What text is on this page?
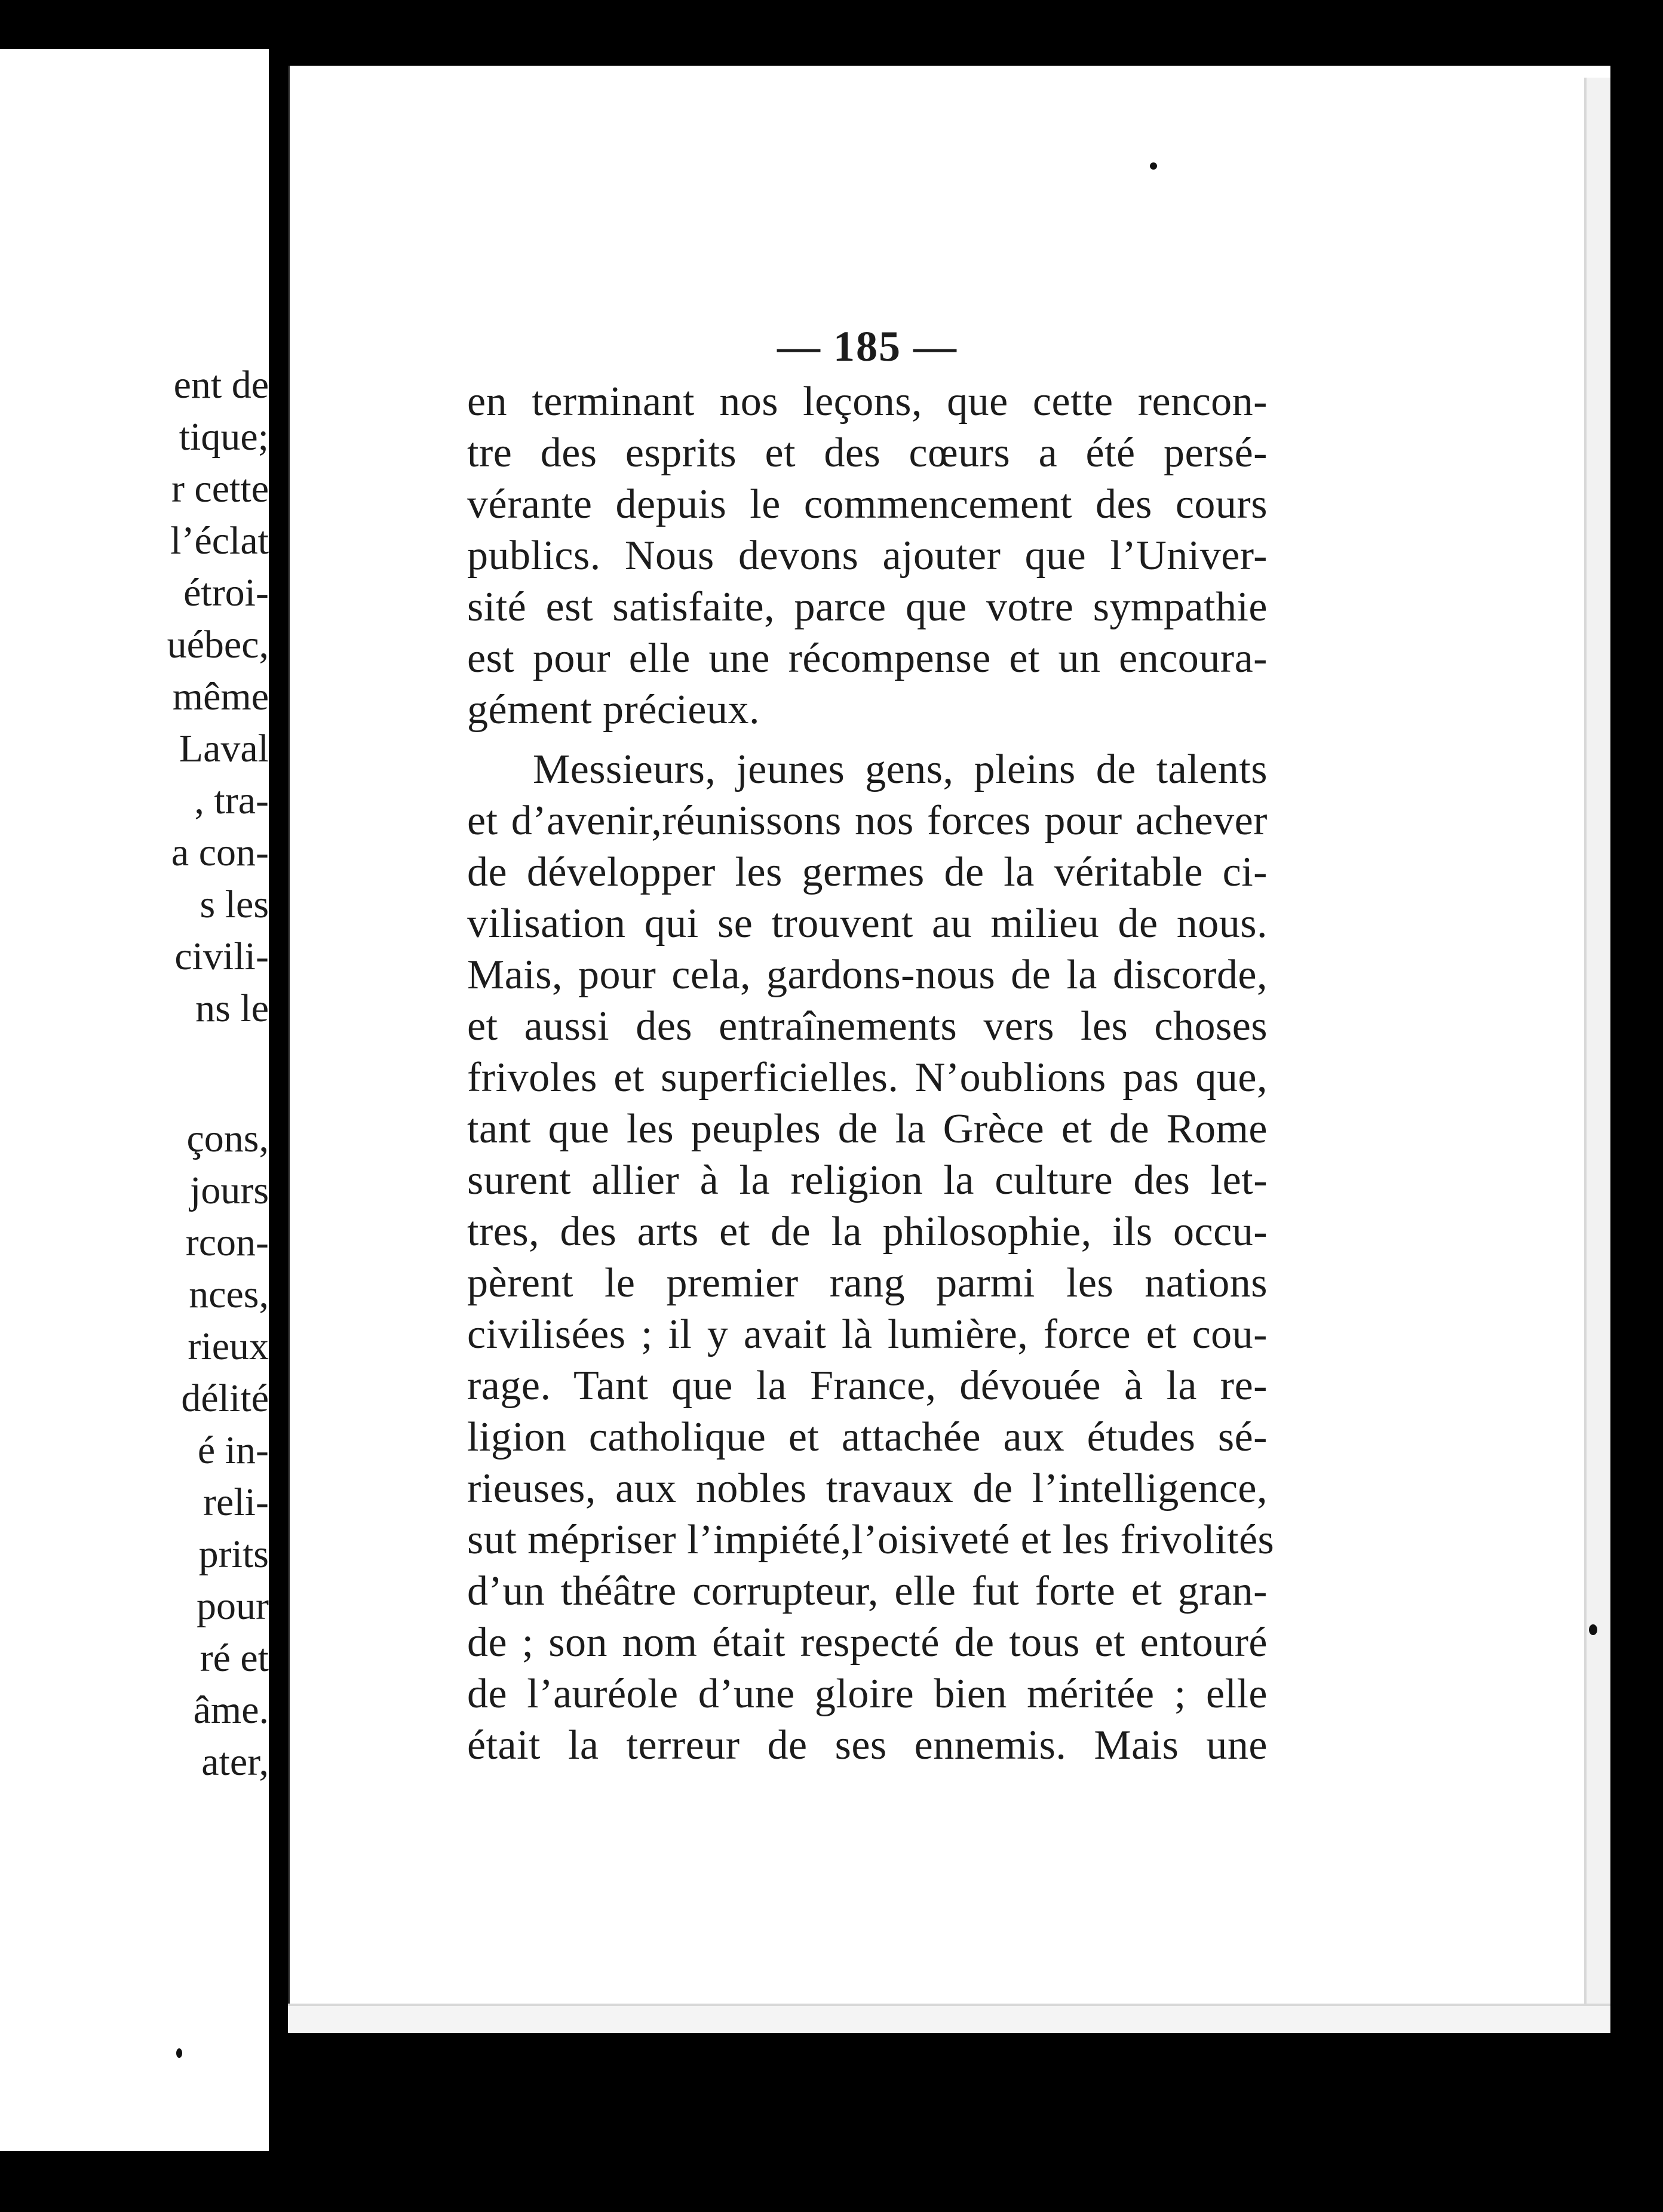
ent de
tique;
r cette
l’éclat
étroi-
uébec,
même
Laval
, tra-
a con-
s les
civili-
ns le
çons,
jours
rcon-
nces,
rieux
délité
é in-
reli-
prits
pour
ré et
âme.
ater,
— 185 —
en terminant nos leçons, que cette rencon-
tre des esprits et des cœurs a été persé-
vérante depuis le commencement des cours
publics. Nous devons ajouter que l’Univer-
sité est satisfaite, parce que votre sympathie
est pour elle une récompense et un encoura-
gément précieux.
Messieurs, jeunes gens, pleins de talents
et d’avenir,réunissons nos forces pour achever
de développer les germes de la véritable ci-
vilisation qui se trouvent au milieu de nous.
Mais, pour cela, gardons-nous de la discorde,
et aussi des entraînements vers les choses
frivoles et superficielles. N’oublions pas que,
tant que les peuples de la Grèce et de Rome
surent allier à la religion la culture des let-
tres, des arts et de la philosophie, ils occu-
pèrent le premier rang parmi les nations
civilisées ; il y avait là lumière, force et cou-
rage. Tant que la France, dévouée à la re-
ligion catholique et attachée aux études sé-
rieuses, aux nobles travaux de l’intelligence,
sut mépriser l’impiété,l’oisiveté et les frivolités
d’un théâtre corrupteur, elle fut forte et gran-
de ; son nom était respecté de tous et entouré
de l’auréole d’une gloire bien méritée ; elle
était la terreur de ses ennemis. Mais une
